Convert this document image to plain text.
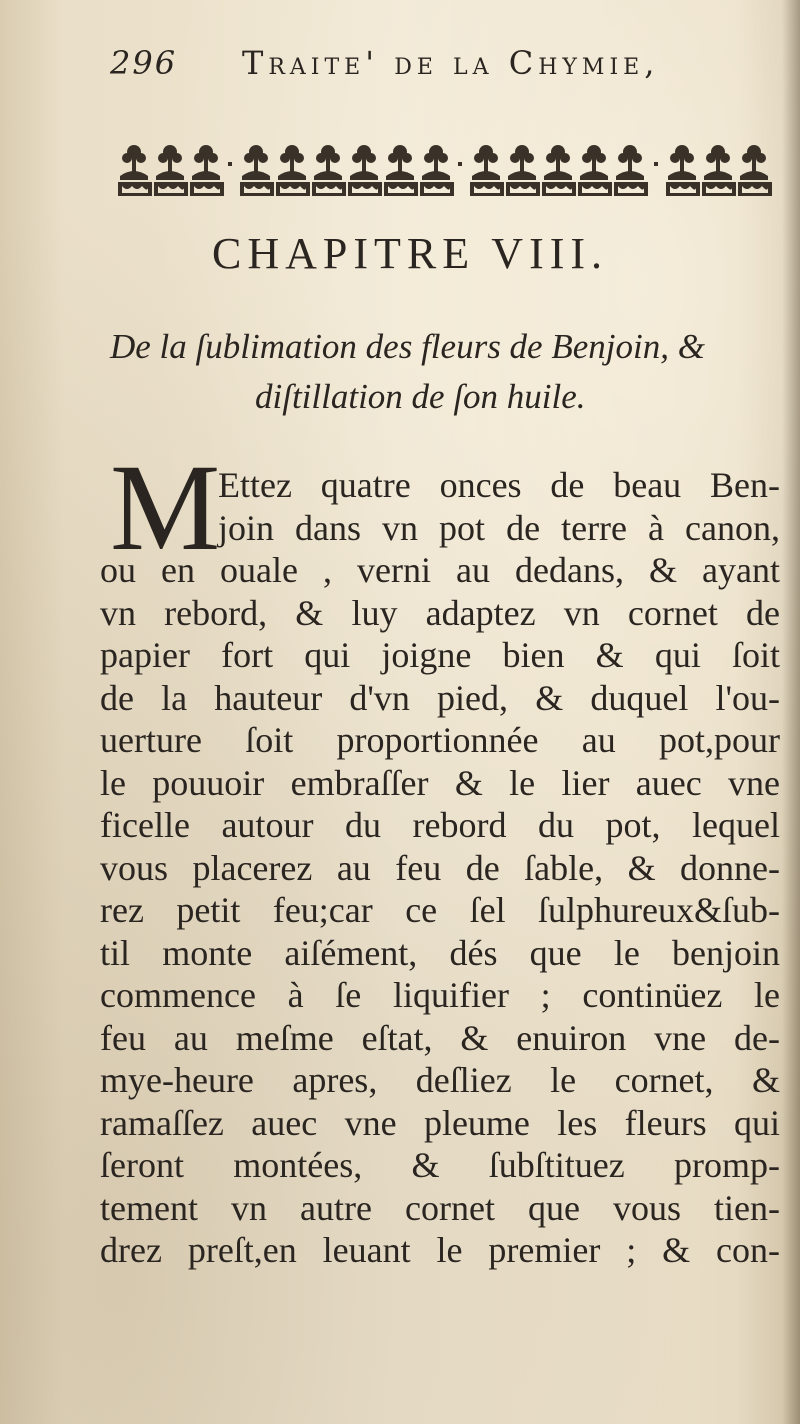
296 Traite' de la Chymie,
CHAPITRE VIII.
De la ſublimation des fleurs de Benjoin, &
diſtillation de ſon huile.
M
Ettez quatre onces de beau Ben-
join dans vn pot de terre à canon,
ou en ouale , verni au dedans, & ayant
vn rebord, & luy adaptez vn cornet de
papier fort qui joigne bien & qui ſoit
de la hauteur d'vn pied, & duquel l'ou-
uerture ſoit proportionnée au pot,pour
le pouuoir embraſſer & le lier auec vne
ficelle autour du rebord du pot, lequel
vous placerez au feu de ſable, & donne-
rez petit feu;car ce ſel ſulphureux&ſub-
til monte aiſément, dés que le benjoin
commence à ſe liquifier ; continüez le
feu au meſme eſtat, & enuiron vne de-
mye-heure apres, deſliez le cornet, &
ramaſſez auec vne pleume les fleurs qui
ſeront montées, & ſubſtituez promp-
tement vn autre cornet que vous tien-
drez preſt,en leuant le premier ; & con-
